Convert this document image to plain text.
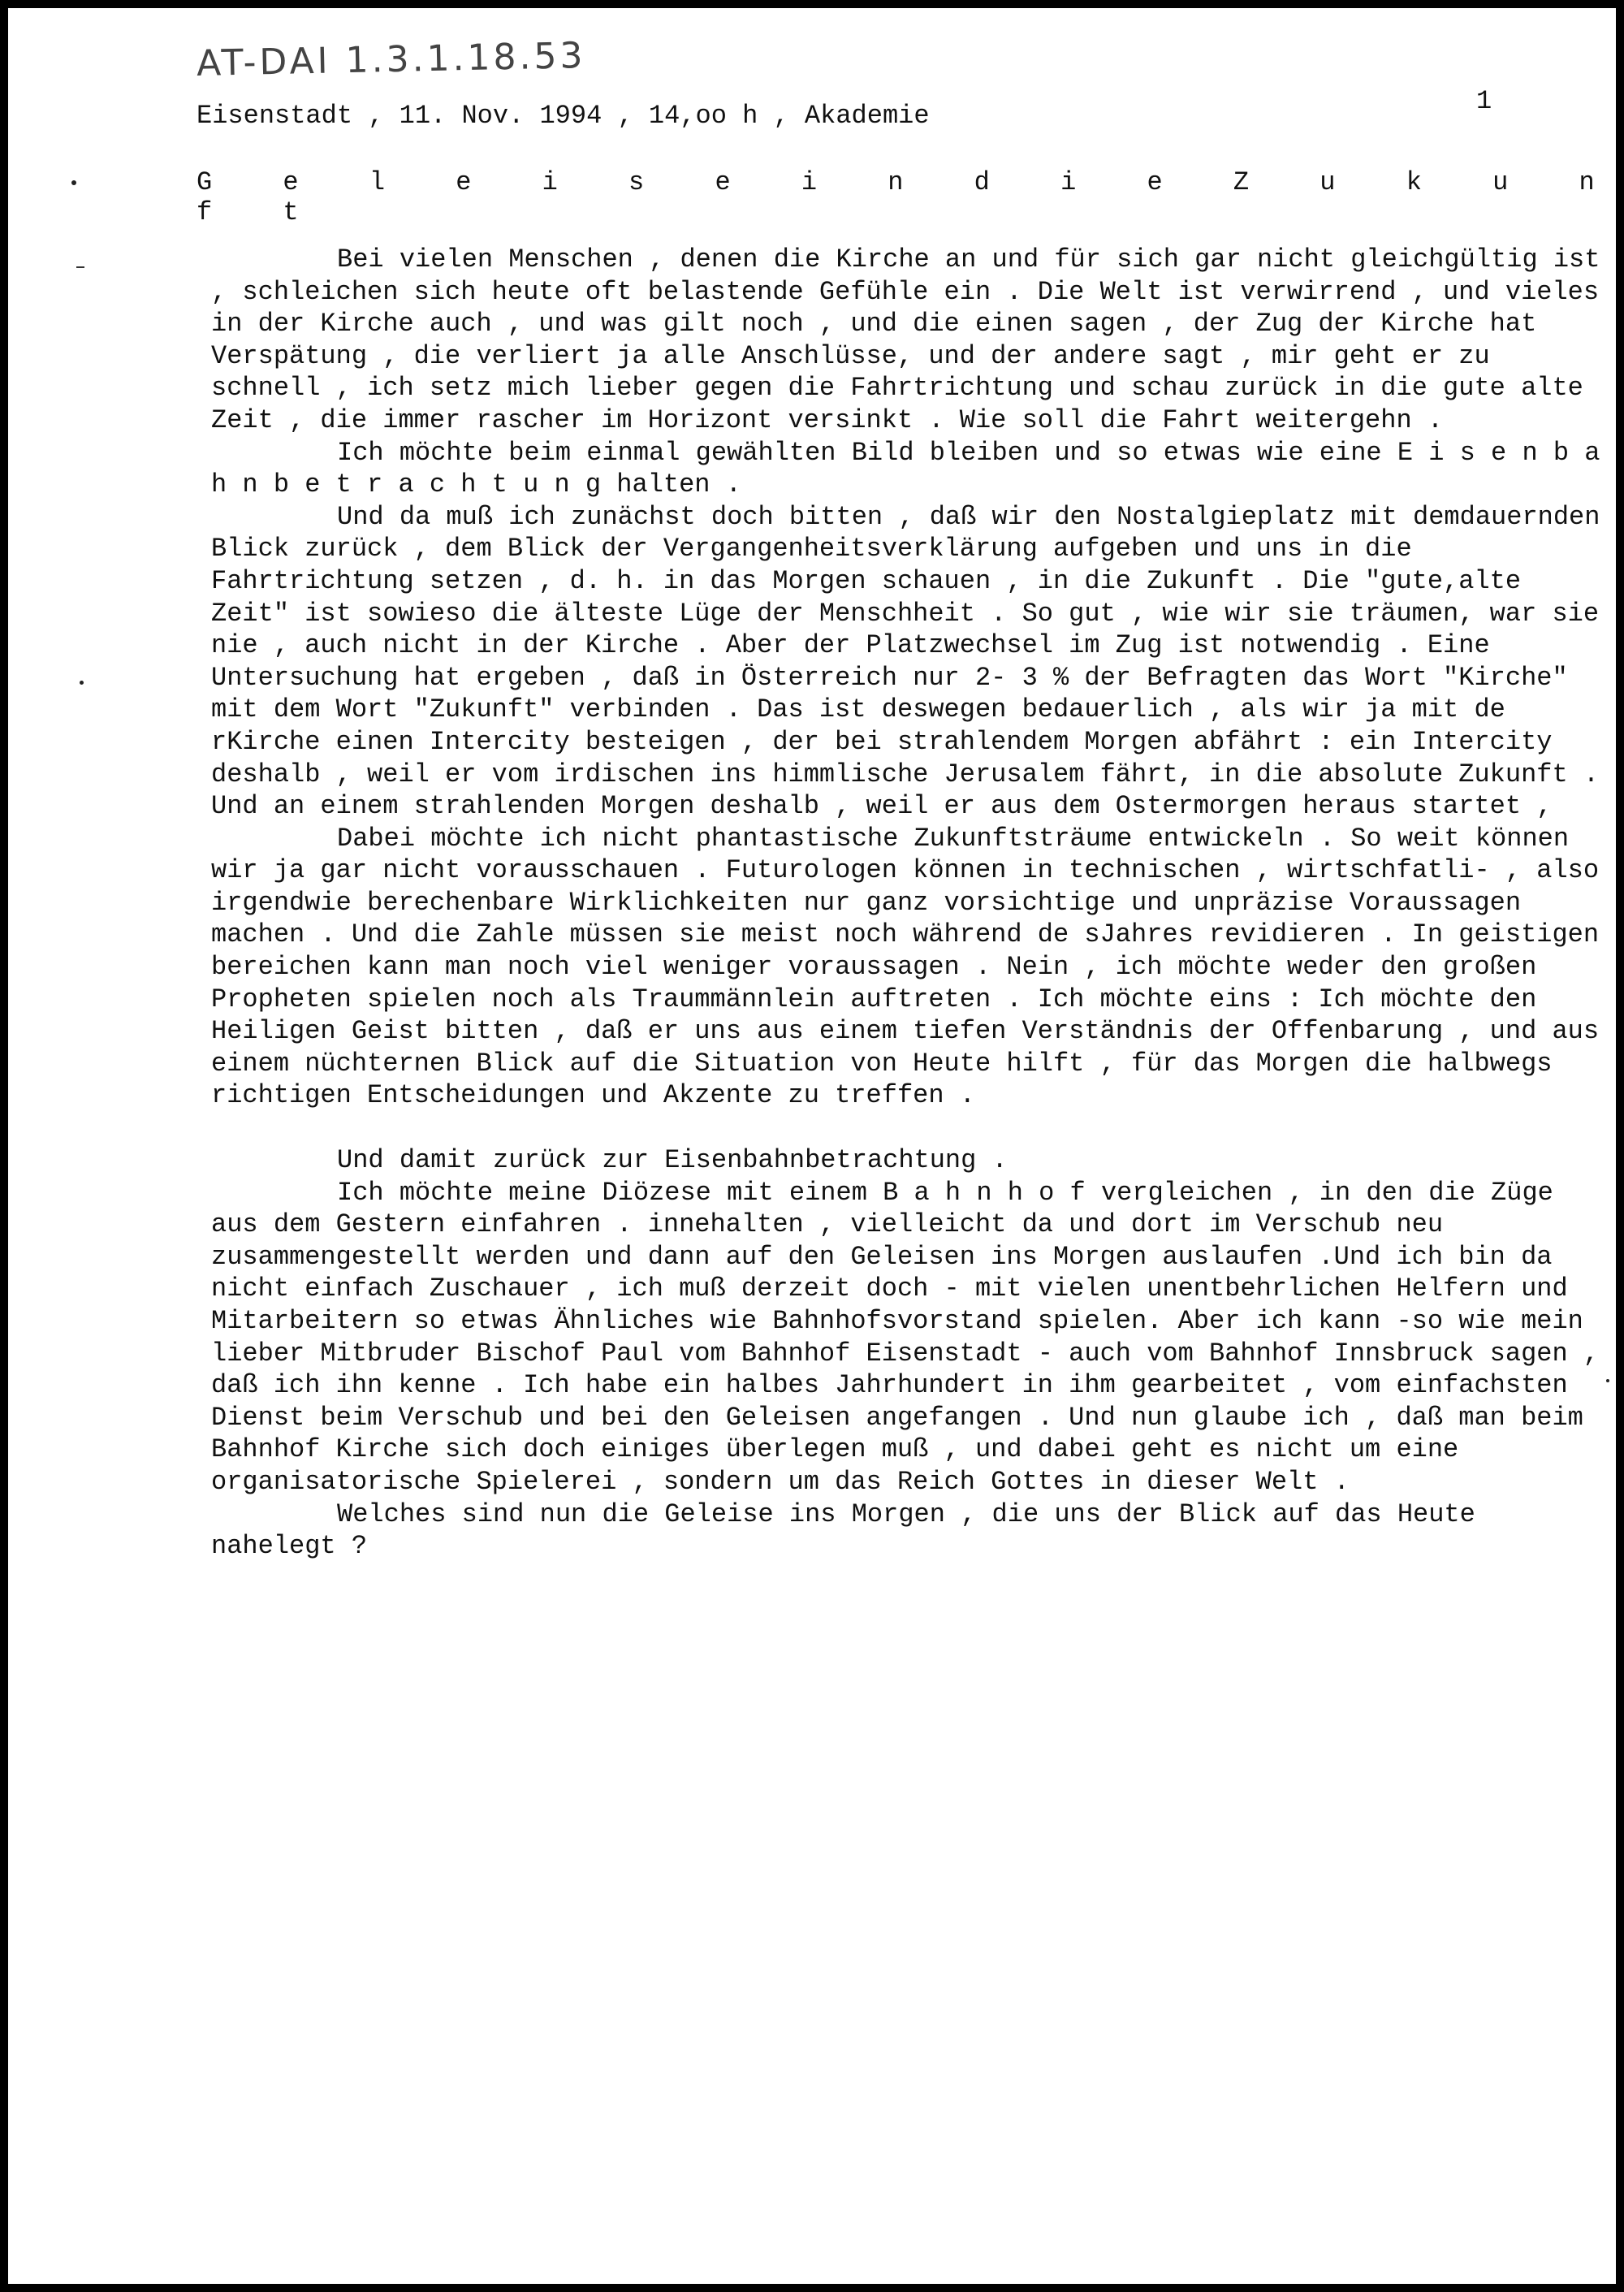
AT-DAI 1.3.1.18.53
1
Eisenstadt , 11. Nov. 1994 , 14,oo h , Akademie
G e l e i s e i n d i e Z u k u n f t

Bei vielen Menschen , denen die Kirche an und für sich gar nicht gleichgültig ist , schleichen sich heute oft belastende Gefühle ein . Die Welt ist verwirrend , und vieles in der Kirche auch , und was gilt noch , und die einen sagen , der Zug der Kirche hat Verspätung , die verliert ja alle Anschlüsse, und der andere sagt , mir geht er zu schnell , ich setz mich lieber gegen die Fahrtrichtung und schau zurück in die gute alte Zeit , die immer rascher im Horizont versinkt . Wie soll die Fahrt weitergehn .

Ich möchte beim einmal gewählten Bild bleiben und so etwas wie eine E i s e n b a h n b e t r a c h t u n g halten .

Und da muß ich zunächst doch bitten , daß wir den Nostalgieplatz mit demdauernden Blick zurück , dem Blick der Vergangenheitsverklärung aufgeben und uns in die Fahrtrichtung setzen , d. h. in das Morgen schauen , in die Zukunft . Die "gute,alte Zeit" ist sowieso die älteste Lüge der Menschheit . So gut , wie wir sie träumen, war sie nie , auch nicht in der Kirche . Aber der Platzwechsel im Zug ist notwendig . Eine Untersuchung hat ergeben , daß in Österreich nur 2- 3 % der Befragten das Wort "Kirche" mit dem Wort "Zukunft" verbinden . Das ist deswegen bedauerlich , als wir ja mit de rKirche einen Intercity besteigen , der bei strahlendem Morgen abfährt : ein Intercity deshalb , weil er vom irdischen ins himmlische Jerusalem fährt, in die absolute Zukunft . Und an einem strahlenden Morgen deshalb , weil er aus dem Ostermorgen heraus startet ,

Dabei möchte ich nicht phantastische Zukunftsträume entwickeln . So weit können wir ja gar nicht vorausschauen . Futurologen können in technischen , wirtschfatli- , also irgendwie berechenbare Wirklichkeiten nur ganz vorsichtige und unpräzise Voraussagen machen . Und die Zahle müssen sie meist noch während de sJahres revidieren . In geistigen bereichen kann man noch viel weniger voraussagen . Nein , ich möchte weder den großen Propheten spielen noch als Traummännlein auftreten . Ich möchte eins : Ich möchte den Heiligen Geist bitten , daß er uns aus einem tiefen Verständnis der Offenbarung , und aus einem nüchternen Blick auf die Situation von Heute hilft , für das Morgen die halbwegs richtigen Entscheidungen und Akzente zu treffen .

Und damit zurück zur Eisenbahnbetrachtung .

Ich möchte meine Diözese mit einem B a h n h o f vergleichen , in den die Züge aus dem Gestern einfahren . innehalten , vielleicht da und dort im Verschub neu zusammengestellt werden und dann auf den Geleisen ins Morgen auslaufen .Und ich bin da nicht einfach Zuschauer , ich muß derzeit doch - mit vielen unentbehrlichen Helfern und Mitarbeitern so etwas Ähnliches wie Bahnhofsvorstand spielen. Aber ich kann -so wie mein lieber Mitbruder Bischof Paul vom Bahnhof Eisenstadt - auch vom Bahnhof Innsbruck sagen , daß ich ihn kenne . Ich habe ein halbes Jahrhundert in ihm gearbeitet , vom einfachsten Dienst beim Verschub und bei den Geleisen angefangen . Und nun glaube ich , daß man beim Bahnhof Kirche sich doch einiges überlegen muß , und dabei geht es nicht um eine organisatorische Spielerei , sondern um das Reich Gottes in dieser Welt .

Welches sind nun die Geleise ins Morgen , die uns der Blick auf das Heute nahelegt ?
